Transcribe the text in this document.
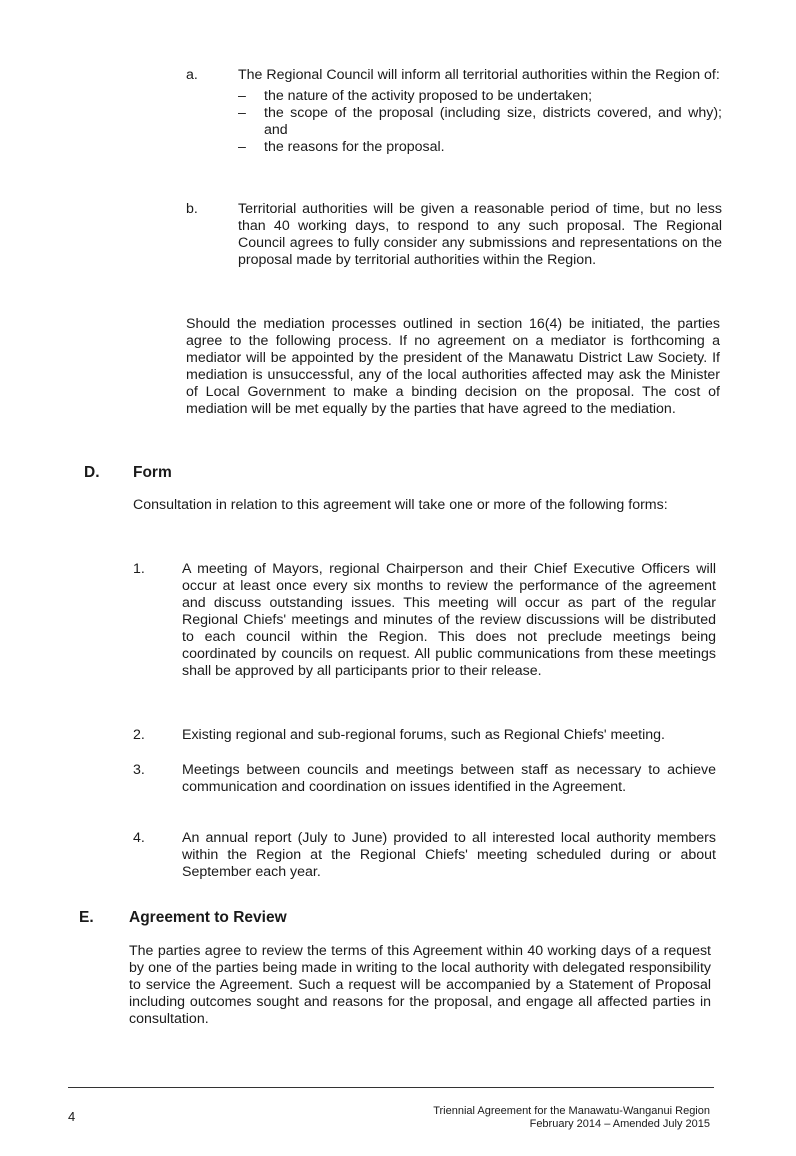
a.	The Regional Council will inform all territorial authorities within the Region of:

– the nature of the activity proposed to be undertaken;
– the scope of the proposal (including size, districts covered, and why); and
– the reasons for the proposal.
b.	Territorial authorities will be given a reasonable period of time, but no less than 40 working days, to respond to any such proposal. The Regional Council agrees to fully consider any submissions and representations on the proposal made by territorial authorities within the Region.

Should the mediation processes outlined in section 16(4) be initiated, the parties agree to the following process. If no agreement on a mediator is forthcoming a mediator will be appointed by the president of the Manawatu District Law Society. If mediation is unsuccessful, any of the local authorities affected may ask the Minister of Local Government to make a binding decision on the proposal. The cost of mediation will be met equally by the parties that have agreed to the mediation.

D. Form

Consultation in relation to this agreement will take one or more of the following forms:

1.	A meeting of Mayors, regional Chairperson and their Chief Executive Officers will occur at least once every six months to review the performance of the agreement and discuss outstanding issues. This meeting will occur as part of the regular Regional Chiefs' meetings and minutes of the review discussions will be distributed to each council within the Region. This does not preclude meetings being coordinated by councils on request. All public communications from these meetings shall be approved by all participants prior to their release.

2.	Existing regional and sub-regional forums, such as Regional Chiefs' meeting.

3.	Meetings between councils and meetings between staff as necessary to achieve communication and coordination on issues identified in the Agreement.

4.	An annual report (July to June) provided to all interested local authority members within the Region at the Regional Chiefs' meeting scheduled during or about September each year.

E. Agreement to Review

The parties agree to review the terms of this Agreement within 40 working days of a request by one of the parties being made in writing to the local authority with delegated responsibility to service the Agreement. Such a request will be accompanied by a Statement of Proposal including outcomes sought and reasons for the proposal, and engage all affected parties in consultation.

4	Triennial Agreement for the Manawatu-Wanganui Region
February 2014 – Amended July 2015
